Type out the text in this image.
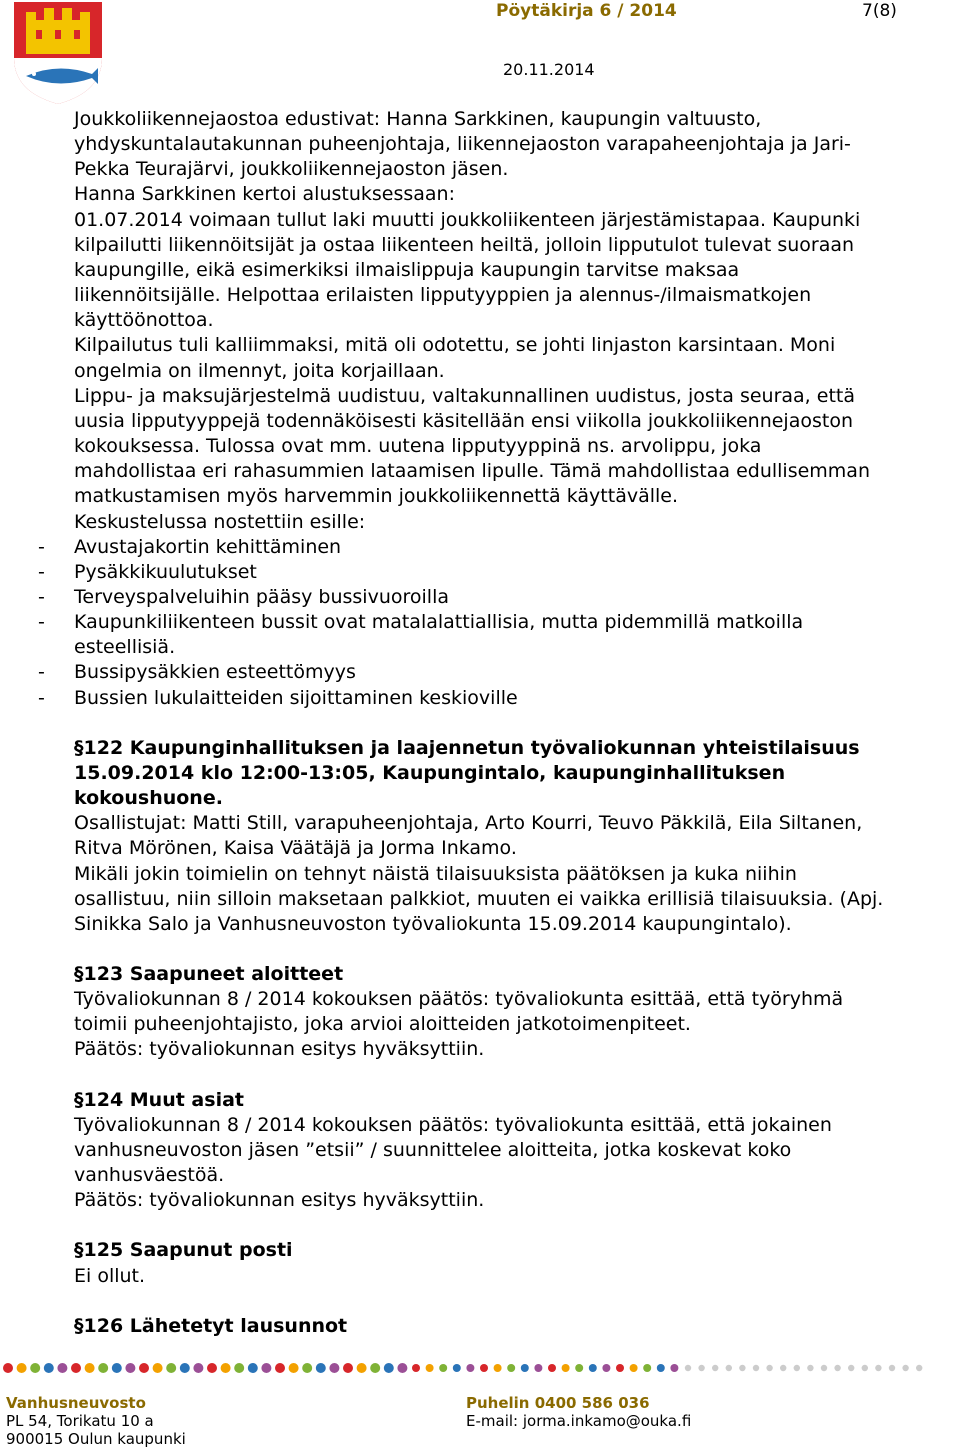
Pöytäkirja 6 / 2014	7(8)
20.11.2014
Joukkoliikennejaostoa edustivat: Hanna Sarkkinen, kaupungin valtuusto,
yhdyskuntalautakunnan puheenjohtaja, liikennejaoston varapaheenjohtaja ja Jari-
Pekka Teurajärvi, joukkoliikennejaoston jäsen.
Hanna Sarkkinen kertoi alustuksessaan:
01.07.2014 voimaan tullut laki muutti joukkoliikenteen järjestämistapaa. Kaupunki
kilpailutti liikennöitsijät ja ostaa liikenteen heiltä, jolloin lipputulot tulevat suoraan
kaupungille, eikä esimerkiksi ilmaislippuja kaupungin tarvitse maksaa
liikennöitsijälle. Helpottaa erilaisten lipputyyppien ja alennus-/ilmaismatkojen
käyttöönottoa.
Kilpailutus tuli kalliimmaksi, mitä oli odotettu, se johti linjaston karsintaan. Moni
ongelmia on ilmennyt, joita korjaillaan.
Lippu- ja maksujärjestelmä uudistuu, valtakunnallinen uudistus, josta seuraa, että
uusia lipputyyppejä todennäköisesti käsitellään ensi viikolla joukkoliikennejaoston
kokouksessa. Tulossa ovat mm. uutena lipputyyppinä ns. arvolippu, joka
mahdollistaa eri rahasummien lataamisen lipulle. Tämä mahdollistaa edullisemman
matkustamisen myös harvemmin joukkoliikennettä käyttävälle.
Keskustelussa nostettiin esille:
- Avustajakortin kehittäminen
- Pysäkkikuulutukset
- Terveyspalveluihin pääsy bussivuoroilla
- Kaupunkiliikenteen bussit ovat matalalattiallisia, mutta pidemmillä matkoilla
esteellisiä.
- Bussipysäkkien esteettömyys
- Bussien lukulaitteiden sijoittaminen keskioville
§122 Kaupunginhallituksen ja laajennetun työvaliokunnan yhteistilaisuus
15.09.2014 klo 12:00-13:05, Kaupungintalo, kaupunginhallituksen
kokoushuone.
Osallistujat: Matti Still, varapuheenjohtaja, Arto Kourri, Teuvo Päkkilä, Eila Siltanen,
Ritva Mörönen, Kaisa Väätäjä ja Jorma Inkamo.
Mikäli jokin toimielin on tehnyt näistä tilaisuuksista päätöksen ja kuka niihin
osallistuu, niin silloin maksetaan palkkiot, muuten ei vaikka erillisiä tilaisuuksia. (Apj.
Sinikka Salo ja Vanhusneuvoston työvaliokunta 15.09.2014 kaupungintalo).
§123 Saapuneet aloitteet
Työvaliokunnan 8 / 2014 kokouksen päätös: työvaliokunta esittää, että työryhmä
toimii puheenjohtajisto, joka arvioi aloitteiden jatkotoimenpiteet.
Päätös: työvaliokunnan esitys hyväksyttiin.
§124 Muut asiat
Työvaliokunnan 8 / 2014 kokouksen päätös: työvaliokunta esittää, että jokainen
vanhusneuvoston jäsen ”etsii” / suunnittelee aloitteita, jotka koskevat koko
vanhusväestöä.
Päätös: työvaliokunnan esitys hyväksyttiin.
§125 Saapunut posti
Ei ollut.
§126 Lähetetyt lausunnot
Vanhusneuvosto
PL 54, Torikatu 10 a
900015 Oulun kaupunki
Puhelin 0400 586 036
E-mail: jorma.inkamo@ouka.fi
